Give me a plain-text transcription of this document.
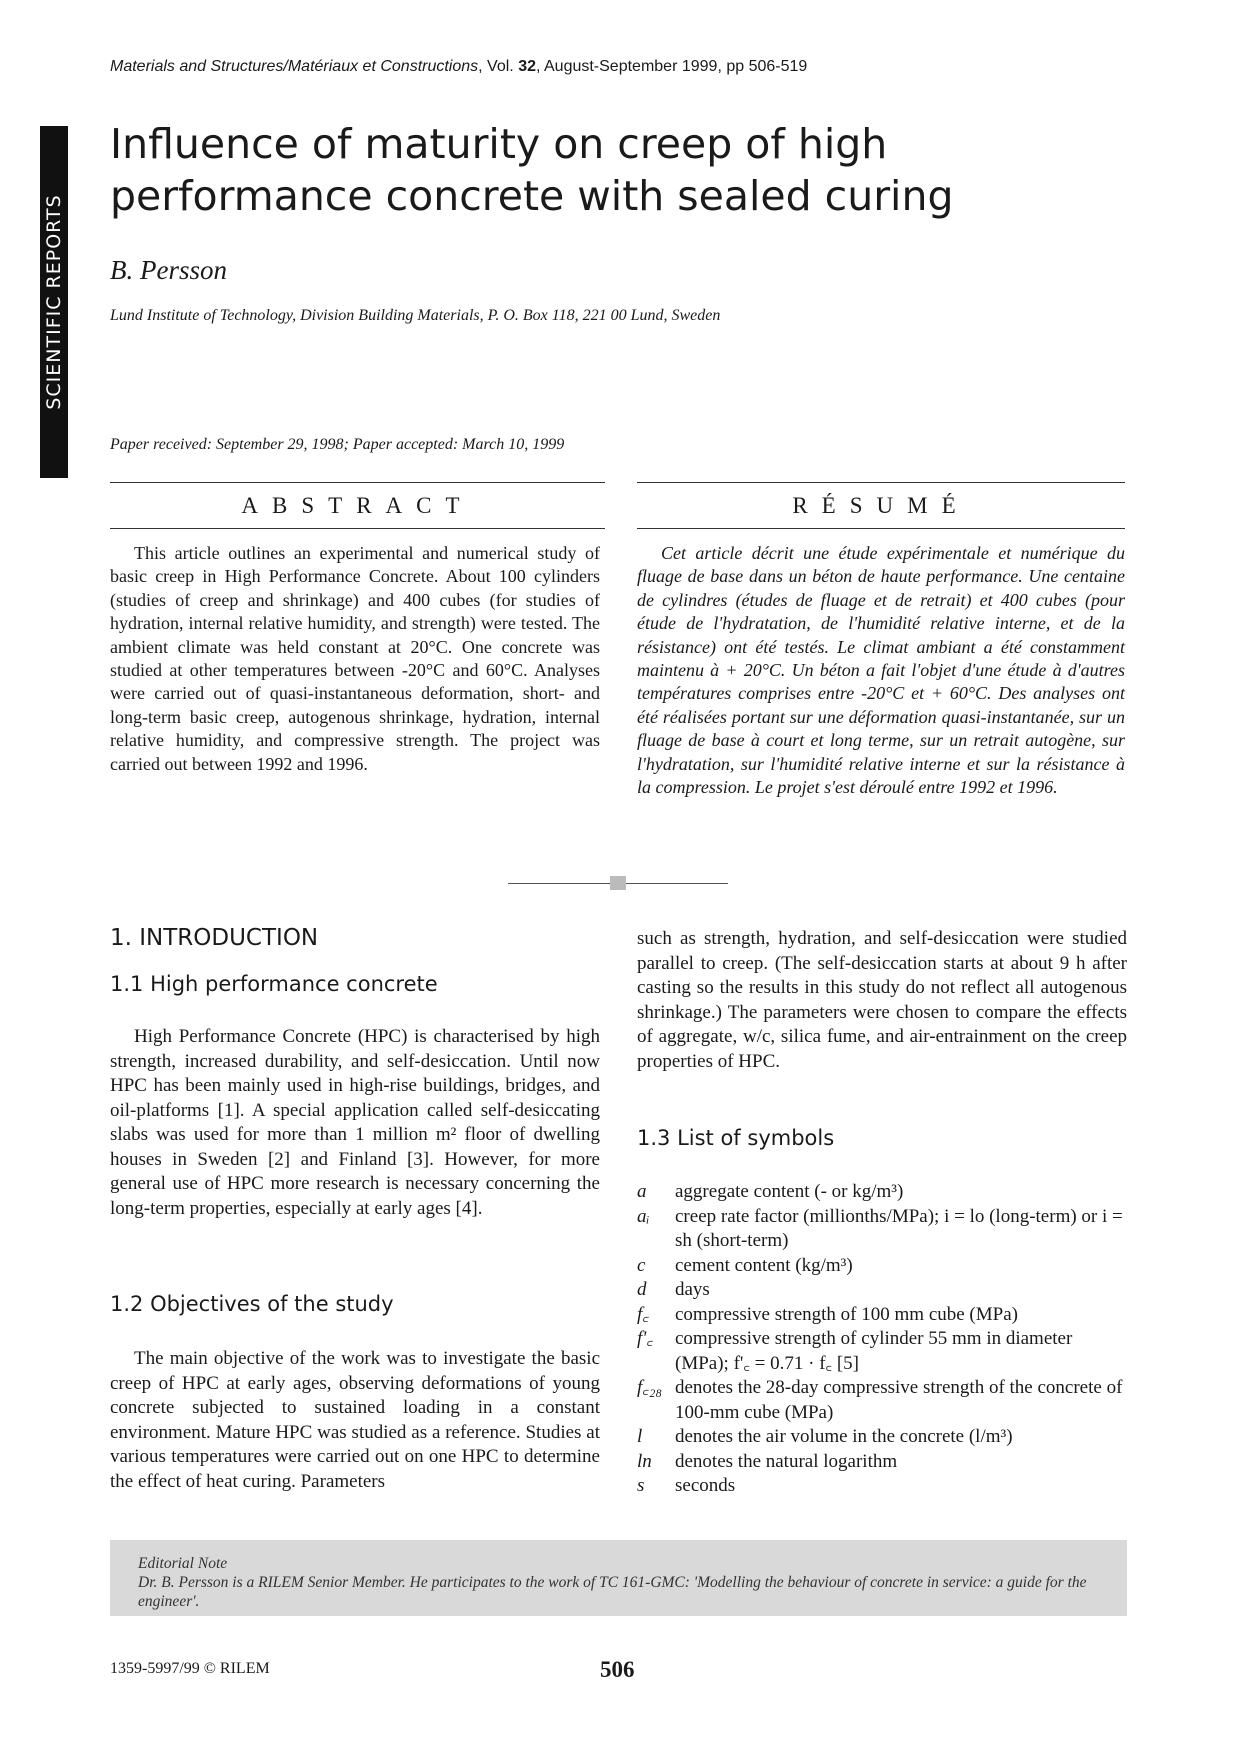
Materials and Structures/Matériaux et Constructions, Vol. 32, August-September 1999, pp 506-519
SCIENTIFIC REPORTS
Influence of maturity on creep of high performance concrete with sealed curing
B. Persson
Lund Institute of Technology, Division Building Materials, P. O. Box 118, 221 00 Lund, Sweden
Paper received: September 29, 1998; Paper accepted: March 10, 1999
ABSTRACT	RÉSUMÉ

This article outlines an experimental and numerical study of basic creep in High Performance Concrete. About 100 cylinders (studies of creep and shrinkage) and 400 cubes (for studies of hydration, internal relative humidity, and strength) were tested. The ambient climate was held constant at 20°C. One concrete was studied at other temperatures between -20°C and 60°C. Analyses were carried out of quasi-instantaneous deformation, short- and long-term basic creep, autogenous shrinkage, hydration, internal relative humidity, and compressive strength. The project was carried out between 1992 and 1996.

Cet article décrit une étude expérimentale et numérique du fluage de base dans un béton de haute performance. Une centaine de cylindres (études de fluage et de retrait) et 400 cubes (pour étude de l'hydratation, de l'humidité relative interne, et de la résistance) ont été testés. Le climat ambiant a été constamment maintenu à + 20°C. Un béton a fait l'objet d'une étude à d'autres températures comprises entre -20°C et + 60°C. Des analyses ont été réalisées portant sur une déformation quasi-instantanée, sur un fluage de base à court et long terme, sur un retrait autogène, sur l'hydratation, sur l'humidité relative interne et sur la résistance à la compression. Le projet s'est déroulé entre 1992 et 1996.

1. INTRODUCTION
1.1 High performance concrete

High Performance Concrete (HPC) is characterised by high strength, increased durability, and self-desiccation. Until now HPC has been mainly used in high-rise buildings, bridges, and oil-platforms [1]. A special application called self-desiccating slabs was used for more than 1 million m² floor of dwelling houses in Sweden [2] and Finland [3]. However, for more general use of HPC more research is necessary concerning the long-term properties, especially at early ages [4].

1.2 Objectives of the study

The main objective of the work was to investigate the basic creep of HPC at early ages, observing deformations of young concrete subjected to sustained loading in a constant environment. Mature HPC was studied as a reference. Studies at various temperatures were carried out on one HPC to determine the effect of heat curing. Parameters

such as strength, hydration, and self-desiccation were studied parallel to creep. (The self-desiccation starts at about 9 h after casting so the results in this study do not reflect all autogenous shrinkage.) The parameters were chosen to compare the effects of aggregate, w/c, silica fume, and air-entrainment on the creep properties of HPC.

1.3 List of symbols
a	aggregate content (- or kg/m³)
aᵢ	creep rate factor (millionths/MPa); i = lo (long-term) or i = sh (short-term)
c	cement content (kg/m³)
d	days
f꜀	compressive strength of 100 mm cube (MPa)
f'꜀	compressive strength of cylinder 55 mm in diameter (MPa); f'꜀ = 0.71 · f꜀ [5]
f꜀₂₈ denotes the 28-day compressive strength of the concrete of 100-mm cube (MPa)
l	denotes the air volume in the concrete (l/m³)
ln	denotes the natural logarithm
s	seconds
Editorial Note
Dr. B. Persson is a RILEM Senior Member. He participates to the work of TC 161-GMC: 'Modelling the behaviour of concrete in service: a guide for the engineer'.
1359-5997/99 © RILEM	506
